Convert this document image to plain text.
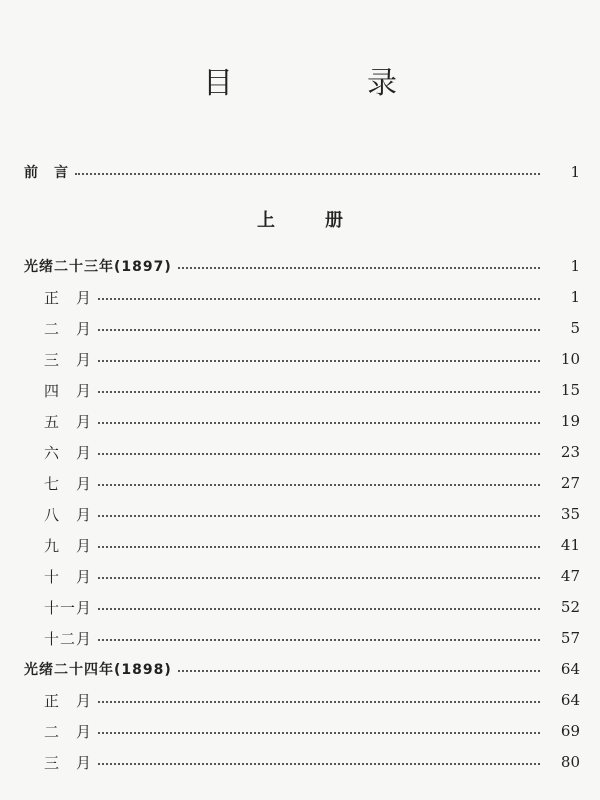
目　录
前　言	1
上　册
光绪二十三年(1897)	1
正　月	1
二　月	5
三　月	10
四　月	15
五　月	19
六　月	23
七　月	27
八　月	35
九　月	41
十　月	47
十一月	52
十二月	57
光绪二十四年(1898)	64
正　月	64
二　月	69
三　月	80
